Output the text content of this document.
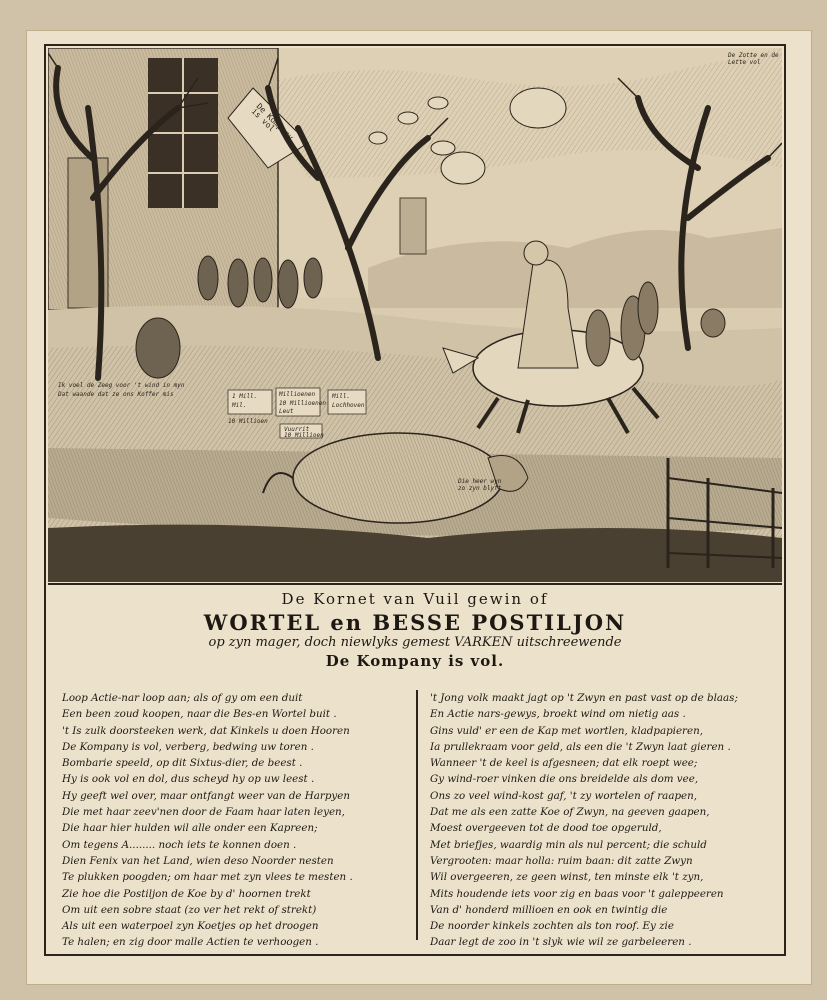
De Kompany is vol
De Zotte en de Lette vol
Ik voel de Zeeg voor 't wind in myn
Dat waande dat ze ons Koffer mis	1 Mill.
Mil.
Millioenen
10 Millioenen
Leut
Mill.
Lochhoven
10 Millioen
Vuurrit
10 Millioen
Die heer wyn zo zyn blyft
De Kornet van Vuil gewin of
WORTEL en BESSE POSTILJON
op zyn mager, doch niewlyks gemest VARKEN uitschreewende
De Kompany is vol.
Loop Actie-nar loop aan; als of gy om een duit
Een been zoud koopen, naar die Bes-en Wortel buit .
't Is zulk doorsteeken werk, dat Kinkels u doen Hooren
De Kompany is vol, verberg, bedwing uw toren .
Bombarie speeld, op dit Sixtus-dier, de beest .
Hy is ook vol en dol, dus scheyd hy op uw leest .
Hy geeft wel over, maar ontfangt weer van de Harpyen
Die met haar zeev'nen door de Faam haar laten leyen,
Die haar hier hulden wil alle onder een Kapreen;
Om tegens A........ noch iets te konnen doen .
Dien Fenix van het Land, wien deso Noorder nesten
Te plukken poogden; om haar met zyn vlees te mesten .
Zie hoe die Postiljon de Koe by d' hoornen trekt
Om uit een sobre staat (zo ver het rekt of strekt)
Als uit een waterpoel zyn Koetjes op het droogen
Te halen; en zig door malle Actien te verhoogen .
't Jong volk maakt jagt op 't Zwyn en past vast op de blaas;
En Actie nars-gewys, broekt wind om nietig aas .
Gins vuld' er een de Kap met wortlen, kladpapieren,
Ia prullekraam voor geld, als een die 't Zwyn laat gieren .
Wanneer 't de keel is afgesneen; dat elk roept wee;
Gy wind-roer vinken die ons breidelde als dom vee,
Ons zo veel wind-kost gaf, 't zy wortelen of raapen,
Dat me als een zatte Koe of Zwyn, na geeven gaapen,
Moest overgeeven tot de dood toe opgeruld,
Met briefjes, waardig min als nul percent; die schuld
Vergrooten: maar holla: ruim baan: dit zatte Zwyn
Wil overgeeren, ze geen winst, ten minste elk 't zyn,
Mits houdende iets voor zig en baas voor 't galeppeeren
Van d' honderd millioen en ook en twintig die
De noorder kinkels zochten als ton roof. Ey zie
Daar legt de zoo in 't slyk wie wil ze garbeleeren .
